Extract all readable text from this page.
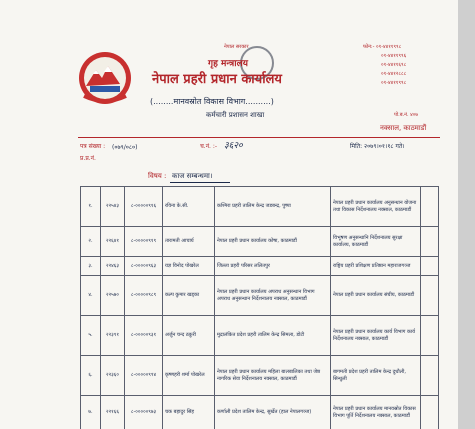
नेपाल सरकार
गृह मन्त्रालय
नेपाल प्रहरी प्रधान कार्यालय
(........मानवस्रोत विकास विभाग..........)
कर्मचारी प्रशासन शाखा
फोन:- ०१-४४११९९८
०१-४४११९९६
०१-४४११६९८
०१-४४१२८८८
०१-४४११९९८
पो.ब.नं. ४०७
नक्साल, काठमाडौं
पत्र संख्या : (०७९/०८०)	च.नं. :- ३६२०	मिति: २०७९।०१।१८ गते।
प्र.प्र.नं.
विषय : काज सम्बन्धमा।
१.	२२५४३	८-०००००९१६	रविना के.सी.	कश्मिरा प्रहरी तालिम केन्द्र जडबन्द्र, पुष्पा	नेपाल प्रहरी प्रधान कार्यालय अनुसन्धान योजना तथा विकास निर्देशनालय नक्साल, काठमाडौं	
२.	२२६४१	८-०००००९१९	तारामती आचार्य	नेपाल प्रहरी प्रधान कार्यालय कोषा, काठमाडौं	विभूषण अनुसन्धानि निर्देशनालय सुरक्षा कार्यालय, काठमाडौं	
३.	२२४६३	८-०००००९६३	यज्ञ विनोद पोखरेल	जिल्ला प्रहरी परिसर ललितपुर	राष्ट्रिय प्रहरी प्रशिक्षण प्रतिष्ठान महाराजगञ्ज	
४.	२२५७०	८-०००००९८९	कल्प कुमार खड्का	नेपाल प्रहरी प्रधान कार्यालय अपराध अनुसन्धान विभाग अपराध अनुसन्धान निर्देशनालय नक्साल, काठमाडौं	नेपाल प्रहरी प्रधान कार्यालय संघीय, काठमाडौं	
५.	२२३९१	८-०००००९३१	अर्जुन चन्द ठकुरी	मुद्रालंकित प्रदेश प्रहरी तालिम केन्द्र सिमला, डोटी	नेपाल प्रहरी प्रधान कार्यालय कार्य विभाग कार्य निर्देशनालय नक्साल, काठमाडौं	
६.	२२३६०	८-०००००९९४	कृष्णहरी शर्मा पोखरेल	नेपाल प्रहरी प्रधान कार्यालय महिला बालबालिका तथा जेष्ठ नागरिक सेवा निर्देशनालय नक्साल, काठमाडौं	बागमती प्रदेश प्रहरी तालिम केन्द्र दुधौली, सिन्धुली	
७.	२२१६६	८-०००००९७३	चक बहादुर सिंह	कर्णाली प्रदेश तालिम केन्द्र, सुर्खेत (हाल नेपालगञ्ज)	नेपाल प्रहरी प्रधान कार्यालय मानवस्रोत विकास विभाग पूर्ति निर्देशनालय नक्साल, काठमाडौं	
